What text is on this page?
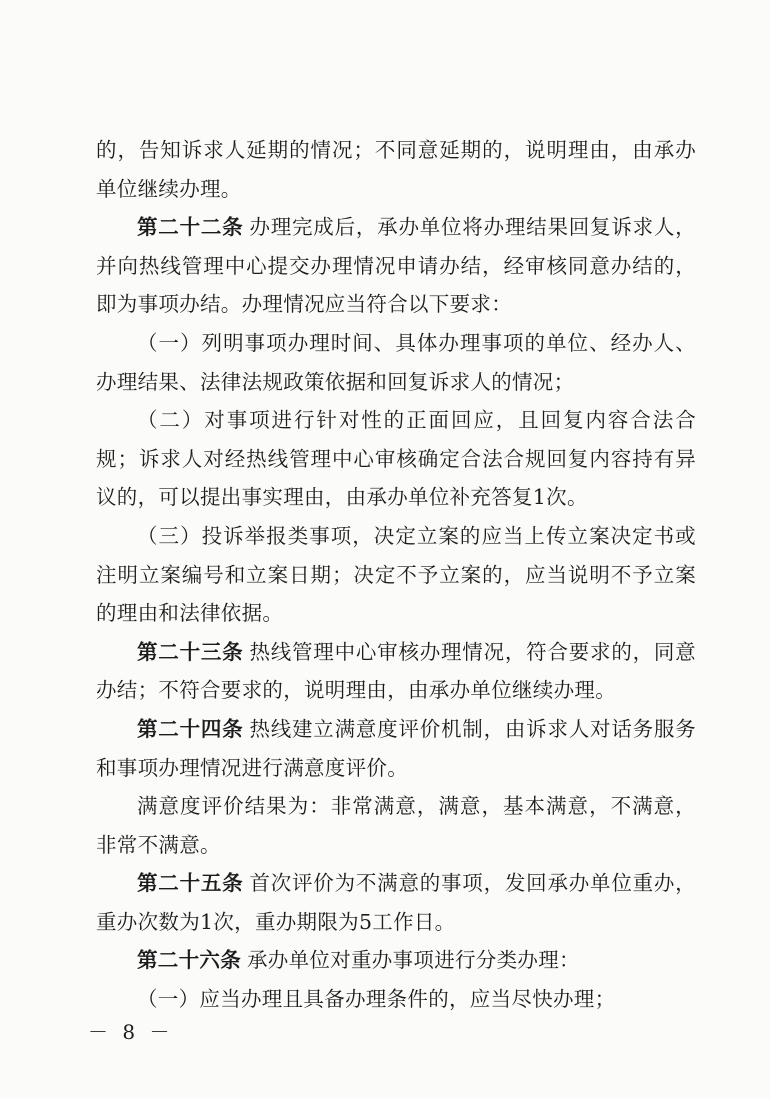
的，告知诉求人延期的情况；不同意延期的，说明理由，由承办单位继续办理。

第二十二条 办理完成后，承办单位将办理结果回复诉求人，并向热线管理中心提交办理情况申请办结，经审核同意办结的，即为事项办结。办理情况应当符合以下要求：

（一）列明事项办理时间、具体办理事项的单位、经办人、办理结果、法律法规政策依据和回复诉求人的情况；

（二）对事项进行针对性的正面回应，且回复内容合法合规；诉求人对经热线管理中心审核确定合法合规回复内容持有异议的，可以提出事实理由，由承办单位补充答复1次。

（三）投诉举报类事项，决定立案的应当上传立案决定书或注明立案编号和立案日期；决定不予立案的，应当说明不予立案的理由和法律依据。

第二十三条 热线管理中心审核办理情况，符合要求的，同意办结；不符合要求的，说明理由，由承办单位继续办理。

第二十四条 热线建立满意度评价机制，由诉求人对话务服务和事项办理情况进行满意度评价。

满意度评价结果为：非常满意，满意，基本满意，不满意，非常不满意。

第二十五条 首次评价为不满意的事项，发回承办单位重办，重办次数为1次，重办期限为5工作日。

第二十六条 承办单位对重办事项进行分类办理：

（一）应当办理且具备办理条件的，应当尽快办理；

－ 8 －
